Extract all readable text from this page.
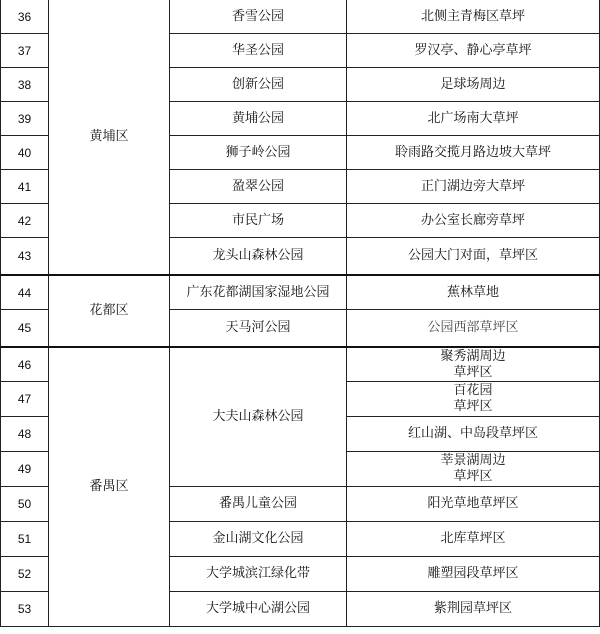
36	黄埔区	香雪公园	北侧主青梅区草坪
37		华圣公园	罗汉亭、静心亭草坪
38		创新公园	足球场周边
39		黄埔公园	北广场南大草坪
40		狮子岭公园	聆雨路交揽月路边坡大草坪
41		盈翠公园	正门湖边旁大草坪
42		市民广场	办公室长廊旁草坪
43		龙头山森林公园	公园大门对面，草坪区
44	花都区	广东花都湖国家湿地公园	蕉林草地
45		天马河公园	公园西部草坪区
46	番禺区	大夫山森林公园	聚秀湖周边
草坪区
47			百花园
草坪区
48			红山湖、中岛段草坪区
49			莘景湖周边
草坪区
50		番禺儿童公园	阳光草地草坪区
51		金山湖文化公园	北库草坪区
52		大学城滨江绿化带	雕塑园段草坪区
53		大学城中心湖公园	紫荆园草坪区
